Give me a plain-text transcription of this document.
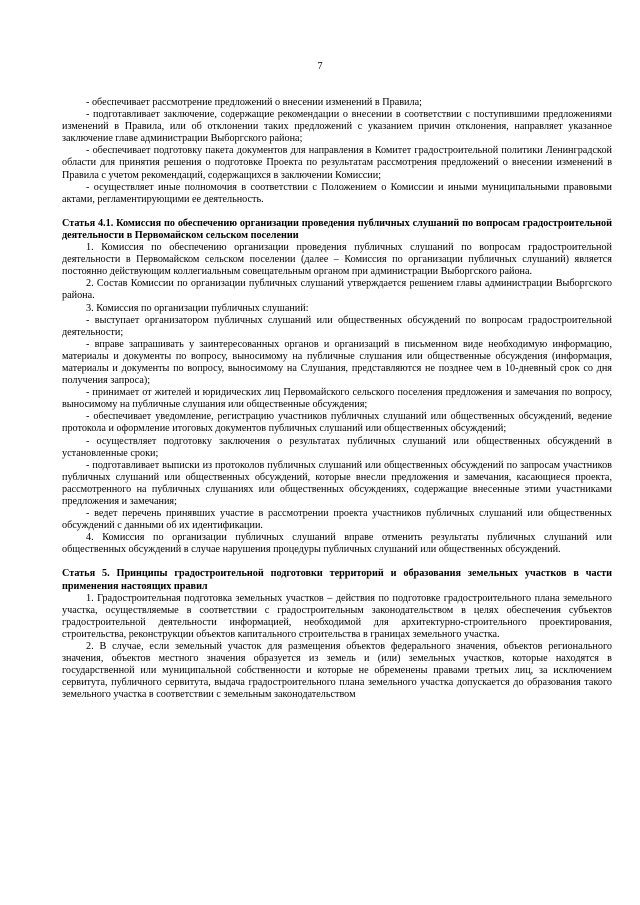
7

- обеспечивает рассмотрение предложений о внесении изменений в Правила;

- подготавливает заключение, содержащие рекомендации о внесении в соответствии с поступившими предложениями изменений в Правила, или об отклонении таких предложений с указанием причин отклонения, направляет указанное заключение главе администрации Выборгского района;

- обеспечивает подготовку пакета документов для направления в Комитет градостроительной политики Ленинградской области для принятия решения о подготовке Проекта по результатам рассмотрения предложений о внесении изменений в Правила с учетом рекомендаций, содержащихся в заключении Комиссии;

- осуществляет иные полномочия в соответствии с Положением о Комиссии и иными муниципальными правовыми актами, регламентирующими ее деятельность.

Статья 4.1. Комиссия по обеспечению организации проведения публичных слушаний по вопросам градостроительной деятельности в Первомайском сельском поселении

1. Комиссия по обеспечению организации проведения публичных слушаний по вопросам градостроительной деятельности в Первомайском сельском поселении (далее – Комиссия по организации публичных слушаний) является постоянно действующим коллегиальным совещательным органом при администрации Выборгского района.

2. Состав Комиссии по организации публичных слушаний утверждается решением главы администрации Выборгского района.

3. Комиссия по организации публичных слушаний:

- выступает организатором публичных слушаний или общественных обсуждений по вопросам градостроительной деятельности;

- вправе запрашивать у заинтересованных органов и организаций в письменном виде необходимую информацию, материалы и документы по вопросу, выносимому на публичные слушания или общественные обсуждения (информация, материалы и документы по вопросу, выносимому на Слушания, представляются не позднее чем в 10-дневный срок со дня получения запроса);

- принимает от жителей и юридических лиц Первомайского сельского поселения предложения и замечания по вопросу, выносимому на публичные слушания или общественные обсуждения;

- обеспечивает уведомление, регистрацию участников публичных слушаний или общественных обсуждений, ведение протокола и оформление итоговых документов публичных слушаний или общественных обсуждений;

- осуществляет подготовку заключения о результатах публичных слушаний или общественных обсуждений в установленные сроки;

- подготавливает выписки из протоколов публичных слушаний или общественных обсуждений по запросам участников публичных слушаний или общественных обсуждений, которые внесли предложения и замечания, касающиеся проекта, рассмотренного на публичных слушаниях или общественных обсуждениях, содержащие внесенные этими участниками предложения и замечания;

- ведет перечень принявших участие в рассмотрении проекта участников публичных слушаний или общественных обсуждений с данными об их идентификации.

4. Комиссия по организации публичных слушаний вправе отменить результаты публичных слушаний или общественных обсуждений в случае нарушения процедуры публичных слушаний или общественных обсуждений.

Статья 5. Принципы градостроительной подготовки территорий и образования земельных участков в части применения настоящих правил

1. Градостроительная подготовка земельных участков – действия по подготовке градостроительного плана земельного участка, осуществляемые в соответствии с градостроительным законодательством в целях обеспечения субъектов градостроительной деятельности информацией, необходимой для архитектурно-строительного проектирования, строительства, реконструкции объектов капитального строительства в границах земельного участка.

2. В случае, если земельный участок для размещения объектов федерального значения, объектов регионального значения, объектов местного значения образуется из земель и (или) земельных участков, которые находятся в государственной или муниципальной собственности и которые не обременены правами третьих лиц, за исключением сервитута, публичного сервитута, выдача градостроительного плана земельного участка допускается до образования такого земельного участка в соответствии с земельным законодательством
